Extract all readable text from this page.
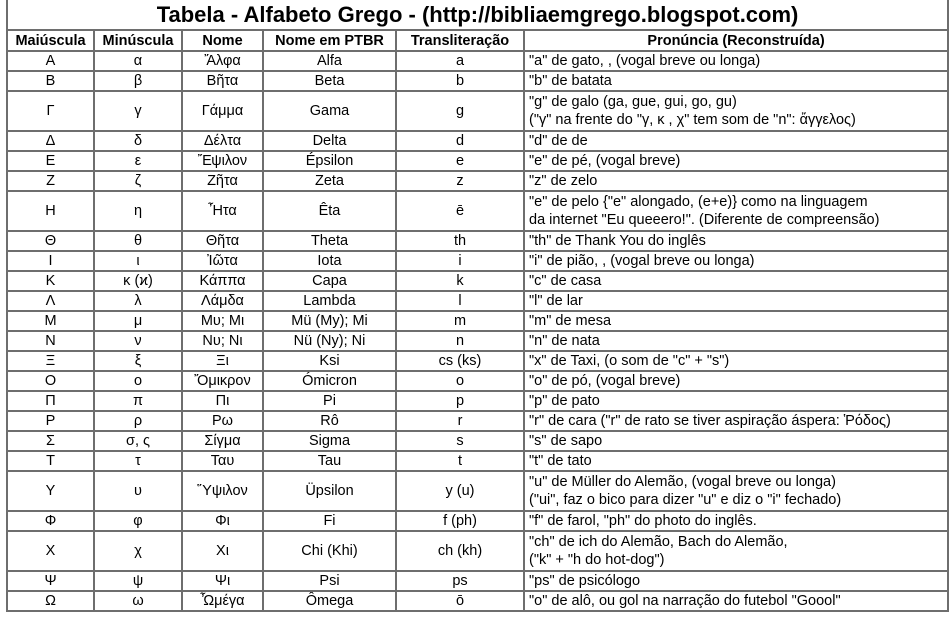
Tabela - Alfabeto Grego - (http://bibliaemgrego.blogspot.com)					
Maiúscula	Minúscula	Nome	Nome em PTBR	Transliteração	Pronúncia (Reconstruída)
Α	α	Ἄλφα	Alfa	a	"a" de gato, , (vogal breve ou longa)

Β	β	Βῆτα	Beta	b	"b" de batata

Γ	γ	Γάμμα	Gama	g	"g" de galo (ga, gue, gui, go, gu)
("γ" na frente do "γ, κ , χ" tem som de "n": ἄγγελος)

Δ	δ	Δέλτα	Delta	d	"d" de de

Ε	ε	Ἔψιλον	Épsilon	e	"e" de pé, (vogal breve)

Ζ	ζ	Ζῆτα	Zeta	z	"z" de zelo

Η	η	Ἦτα	Êta	ē	"e" de pelo {"e" alongado, (e+e)} como na linguagem
da internet "Eu queeero!". (Diferente de compreensão)

Θ	θ	Θῆτα	Theta	th	"th" de Thank You do inglês

Ι	ι	Ἰῶτα	Iota	i	"i" de pião, , (vogal breve ou longa)

Κ	κ (ϰ)	Κάππα	Capa	k	"c" de casa

Λ	λ	Λάμδα	Lambda	l	"l" de lar

Μ	μ	Μυ; Μι	Mü (My); Mi	m	"m" de mesa

Ν	ν	Νυ; Νι	Nü (Ny); Ni	n	"n" de nata

Ξ	ξ	Ξι	Ksi	cs (ks)	"x" de Taxi, (o som de "c" + "s")

Ο	ο	Ὄμικρον	Ómicron	o	"o" de pó, (vogal breve)

Π	π	Πι	Pi	p	"p" de pato

Ρ	ρ	Ρω	Rô	r	"r" de cara ("r" de rato se tiver aspiração áspera: Ῥόδος)

Σ	σ, ς	Σίγμα	Sigma	s	"s" de sapo

Τ	τ	Ταυ	Tau	t	"t" de tato

Υ	υ	Ὕψιλον	Üpsilon	y (u)	"u" de Müller do Alemão, (vogal breve ou longa)
("ui", faz o bico para dizer "u" e diz o "i" fechado)

Φ	φ	Φι	Fi	f (ph)	"f" de farol, "ph" do photo do inglês.

Χ	χ	Χι	Chi (Khi)	ch (kh)	"ch" de ich do Alemão, Bach do Alemão,
("k" + "h do hot-dog")

Ψ	ψ	Ψι	Psi	ps	"ps" de psicólogo

Ω	ω	Ὦμέγα	Ômega	ō	"o" de alô, ou gol na narração do futebol "Goool"
